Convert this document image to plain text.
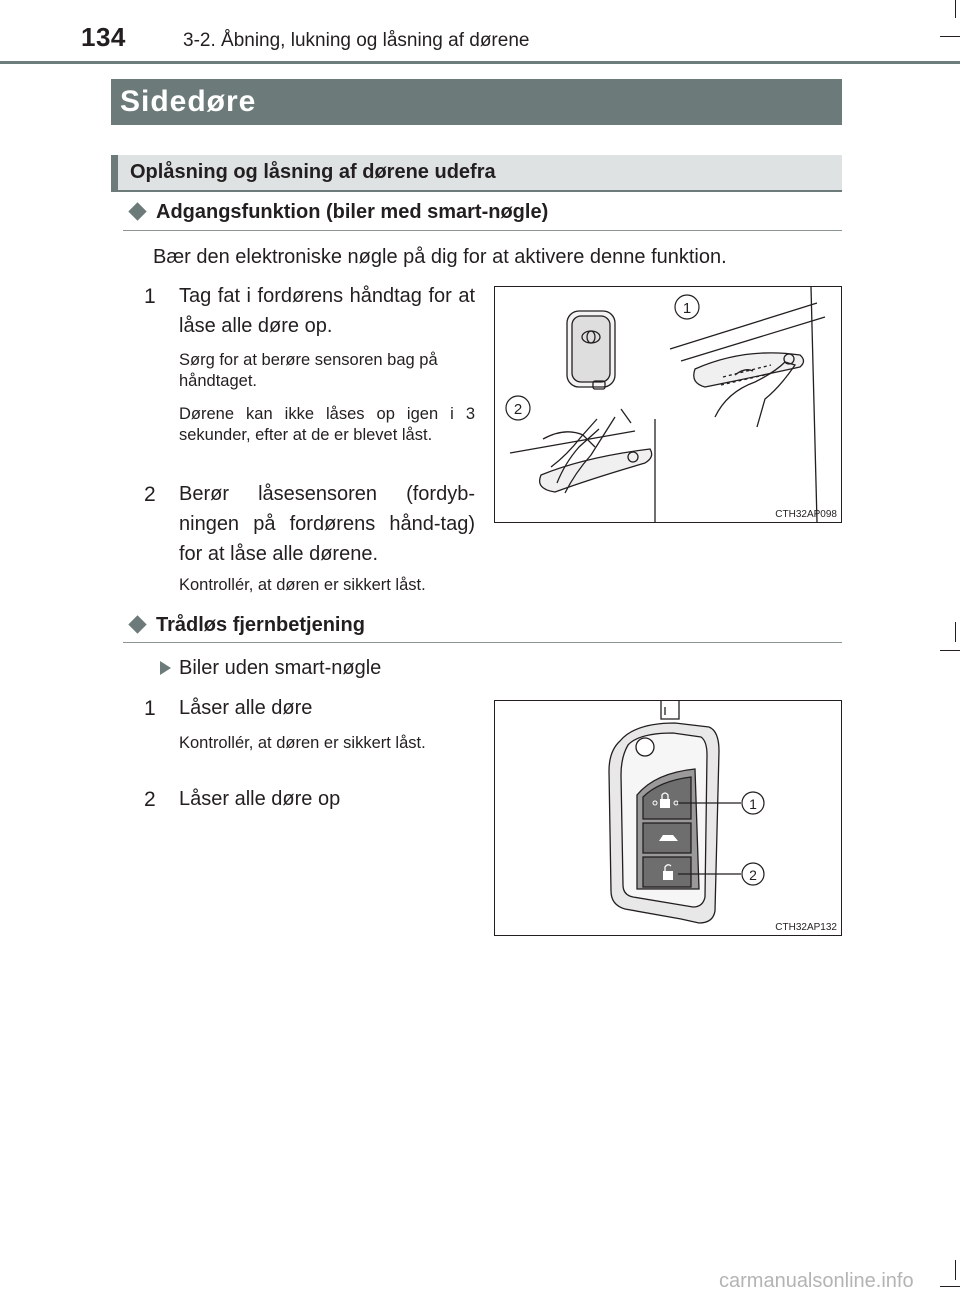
134	3-2. Åbning, lukning og låsning af dørene
Sidedøre
Oplåsning og låsning af dørene udefra
Adgangsfunktion (biler med smart-nøgle)
Bær den elektroniske nøgle på dig for at aktivere denne funktion.
1 Tag fat i fordørens håndtag for at låse alle døre op.
Sørg for at berøre sensoren bag på håndtaget.
Dørene kan ikke låses op igen i 3 sekunder, efter at de er blevet låst.
2 Berør låsesensoren (fordyb-ningen på fordørens hånd-tag) for at låse alle dørene.
Kontrollér, at døren er sikkert låst.
1
2
CTH32AP098
Trådløs fjernbetjening
Biler uden smart-nøgle
1 Låser alle døre
Kontrollér, at døren er sikkert låst.
2 Låser alle døre op	1
2
CTH32AP132
carmanualsonline.info
